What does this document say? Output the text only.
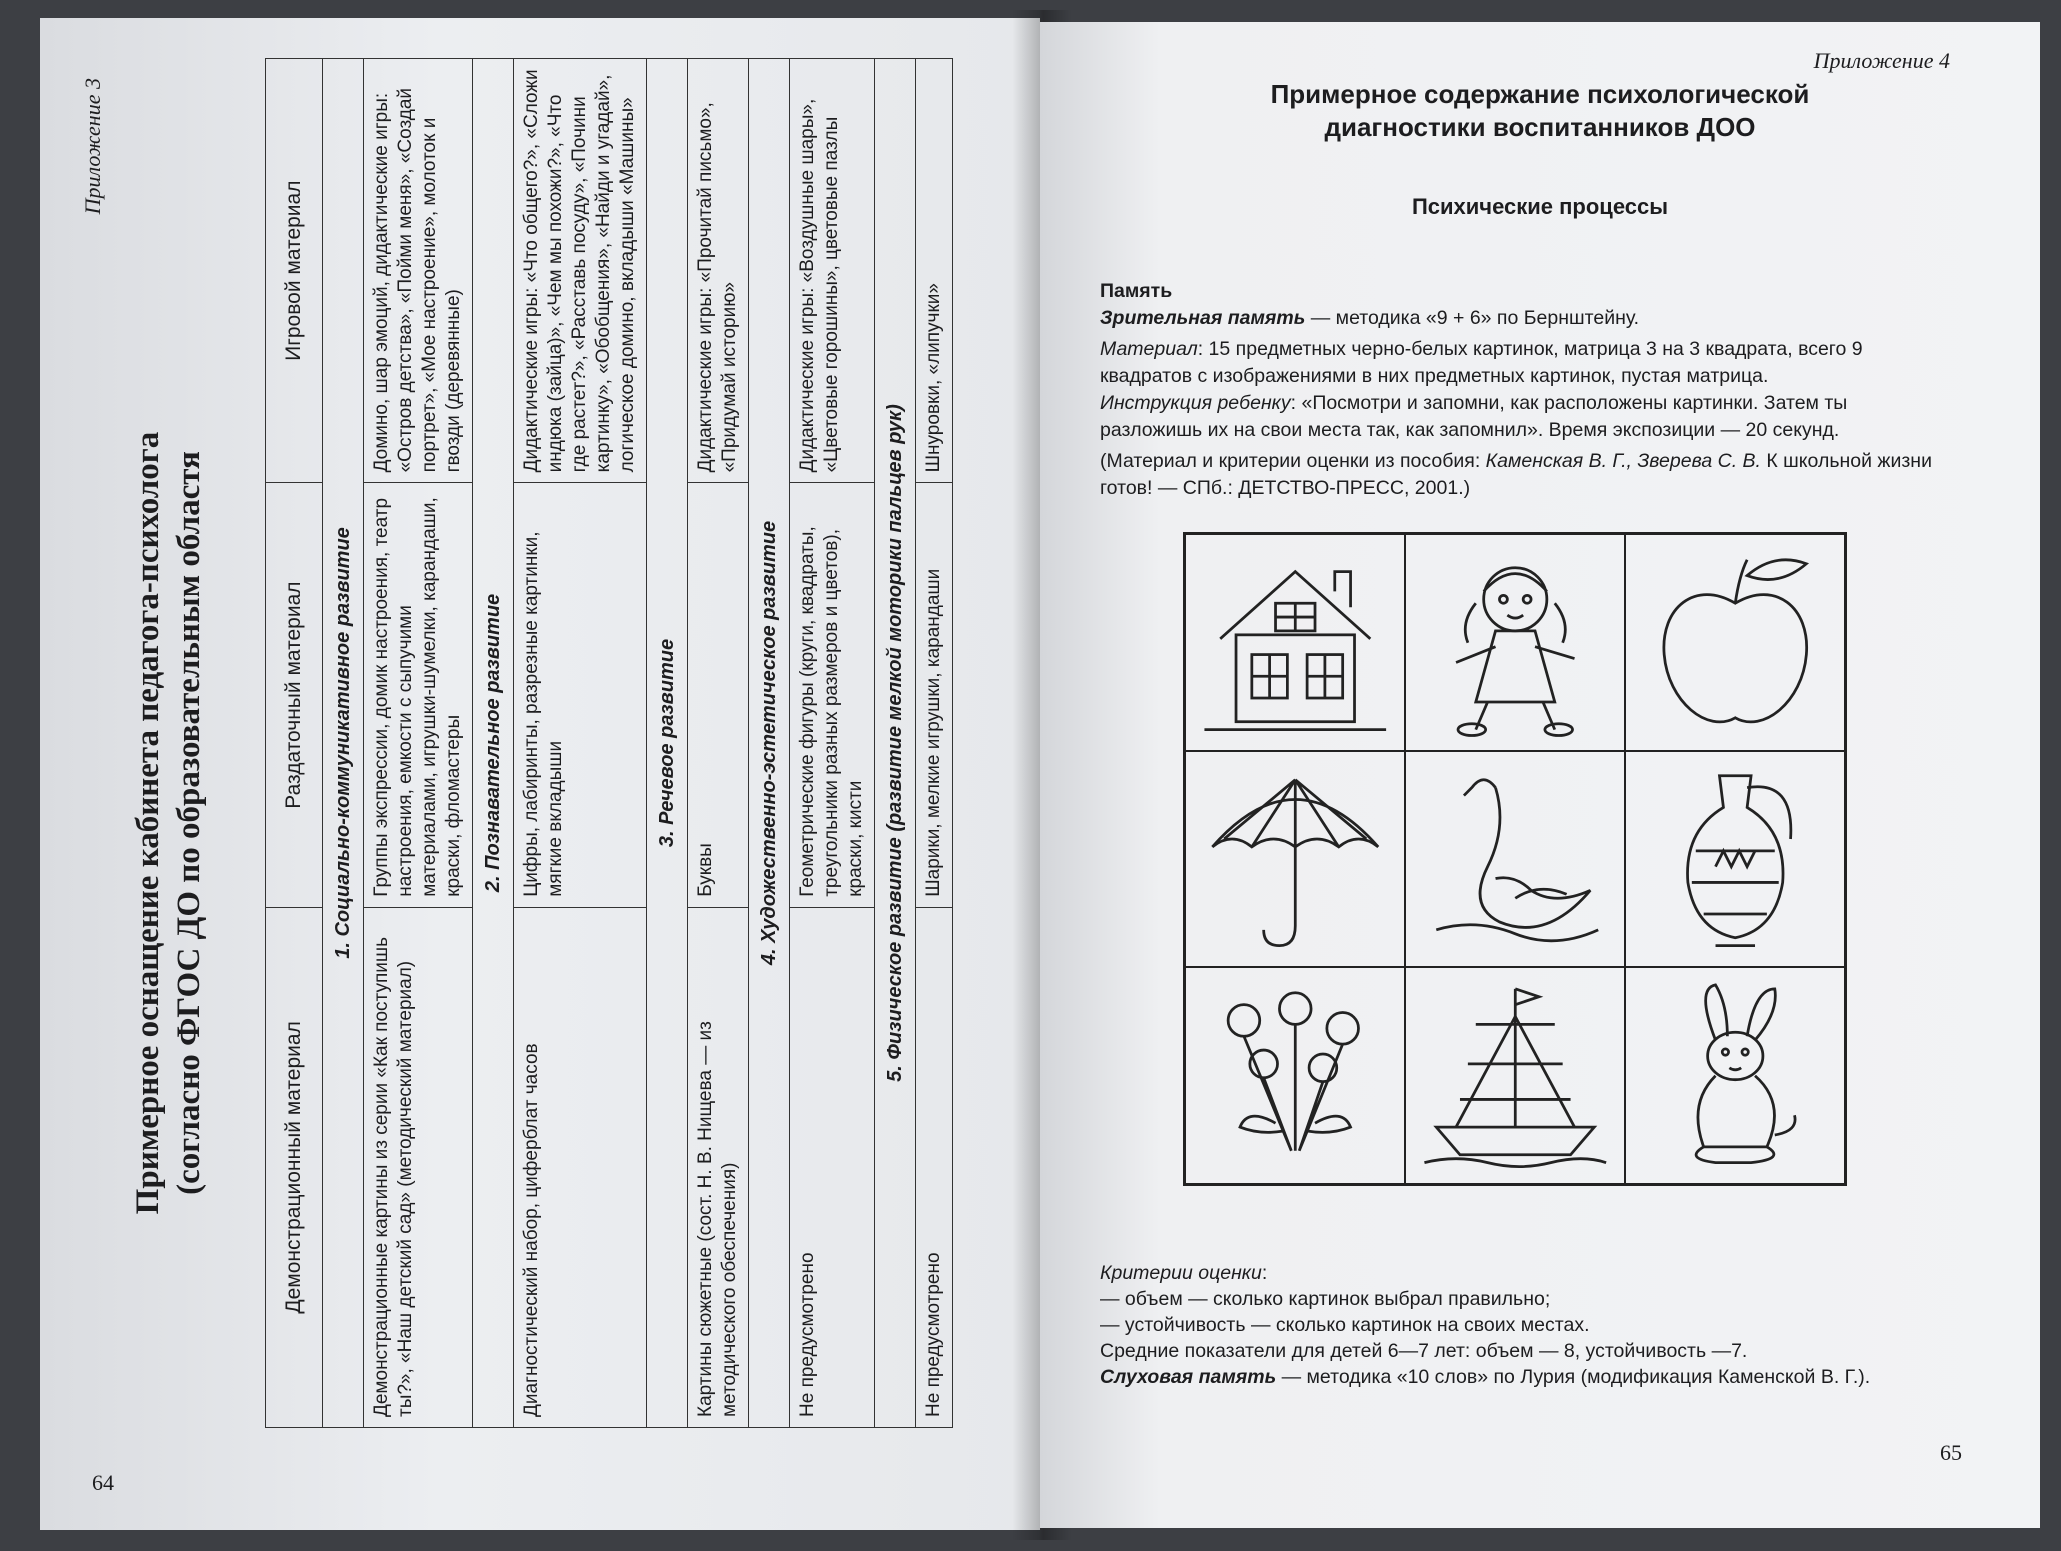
Приложение 3
Примерное оснащение кабинета педагога-психолога (согласно ФГОС ДО по образовательным областя	Демонстрационный материал	Раздаточный материал	Игровой материал
1. Социально-коммуникативное развитие		
Демонстрационные картины из серии «Как поступишь ты?», «Наш детский сад» (методический материал)	Группы экспрессии, домик настроения, театр настроения, емкости с сыпучими материалами, игрушки-шумелки, карандаши, краски, фломастеры	Домино, шар эмоций, дидактические игры: «Остров детства», «Пойми меня», «Создай портрет», «Мое настроение», молоток и гвозди (деревянные)
2. Познавательное развитие		
Диагностический набор, циферблат часов	Цифры, лабиринты, разрезные картинки, мягкие вкладыши	Дидактические игры: «Что общего?», «Сложи индюка (зайца)», «Чем мы похожи?», «Что где растет?», «Расставь посуду», «Почини картинку», «Обобщения», «Найди и угадай», логическое домино, вкладыши «Машины»
3. Речевое развитие		
Картины сюжетные (сост. Н. В. Нищева — из методического обеспечения)	Буквы	Дидактические игры: «Прочитай письмо», «Придумай историю»
4. Художественно-эстетическое развитие		
Не предусмотрено	Геометрические фигуры (круги, квадраты, треугольники разных размеров и цветов), краски, кисти	Дидактические игры: «Воздушные шары», «Цветовые горошины», цветовые пазлы
5. Физическое развитие (развитие мелкой моторики пальцев рук)		
Не предусмотрено	Шарики, мелкие игрушки, карандаши	Шнуровки, «липучки»
64
Приложение 4
Примерное содержание психологической
диагностики воспитанников ДОО
Психические процессы

Память

Зрительная память — методика «9 + 6» по Бернштейну.

Материал: 15 предметных черно-белых картинок, матрица 3 на 3 квадрата, всего 9 квадратов с изображениями в них предметных картинок, пустая матрица.

Инструкция ребенку: «Посмотри и запомни, как расположены картинки. Затем ты разложишь их на свои места так, как запомнил». Время экспозиции — 20 секунд.

(Материал и критерии оценки из пособия: Каменская В. Г., Зверева С. В. К школьной жизни готов! — СПб.: ДЕТСТВО-ПРЕСС, 2001.)

Критерии оценки:

— объем — сколько картинок выбрал правильно;

— устойчивость — сколько картинок на своих местах.

Средние показатели для детей 6—7 лет: объем — 8, устойчивость —7.

Слуховая память — методика «10 слов» по Лурия (модификация Каменской В. Г.).

65
